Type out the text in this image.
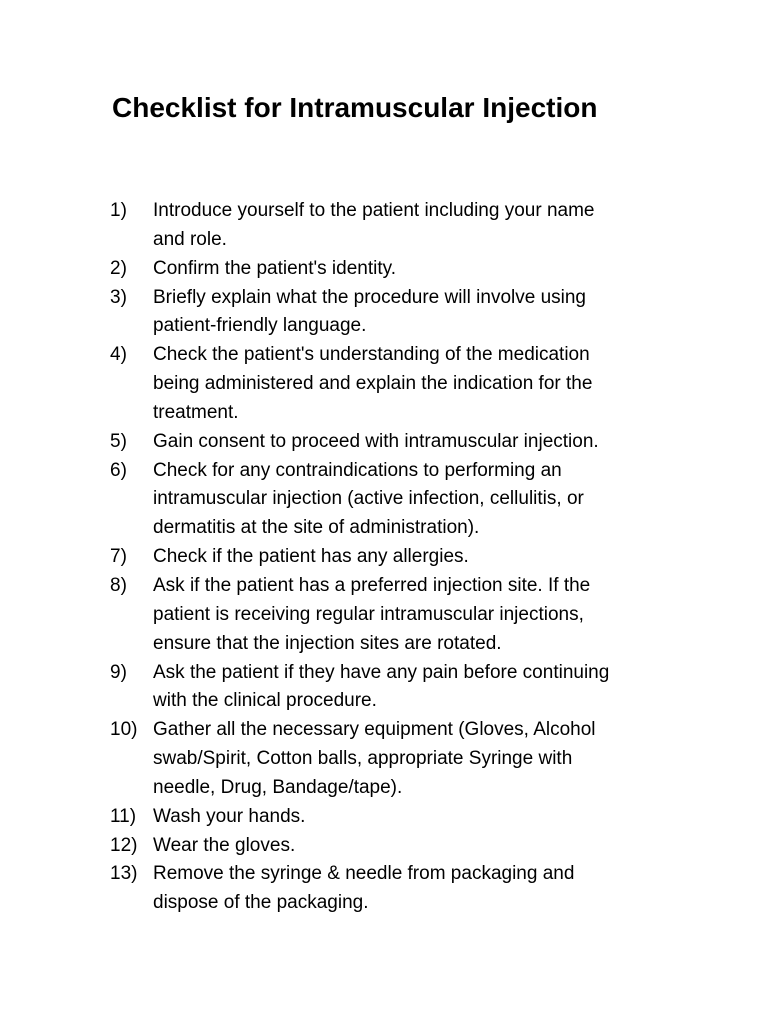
Checklist for Intramuscular Injection
1) Introduce yourself to the patient including your name
and role.
2) Confirm the patient's identity.
3) Briefly explain what the procedure will involve using
patient-friendly language.
4) Check the patient's understanding of the medication
being administered and explain the indication for the
treatment.
5) Gain consent to proceed with intramuscular injection.
6) Check for any contraindications to performing an
intramuscular injection (active infection, cellulitis, or
dermatitis at the site of administration).
7) Check if the patient has any allergies.
8) Ask if the patient has a preferred injection site. If the
patient is receiving regular intramuscular injections,
ensure that the injection sites are rotated.
9) Ask the patient if they have any pain before continuing
with the clinical procedure.
10) Gather all the necessary equipment (Gloves, Alcohol
swab/Spirit, Cotton balls, appropriate Syringe with
needle, Drug, Bandage/tape).
11) Wash your hands.
12) Wear the gloves.
13) Remove the syringe & needle from packaging and
dispose of the packaging.
